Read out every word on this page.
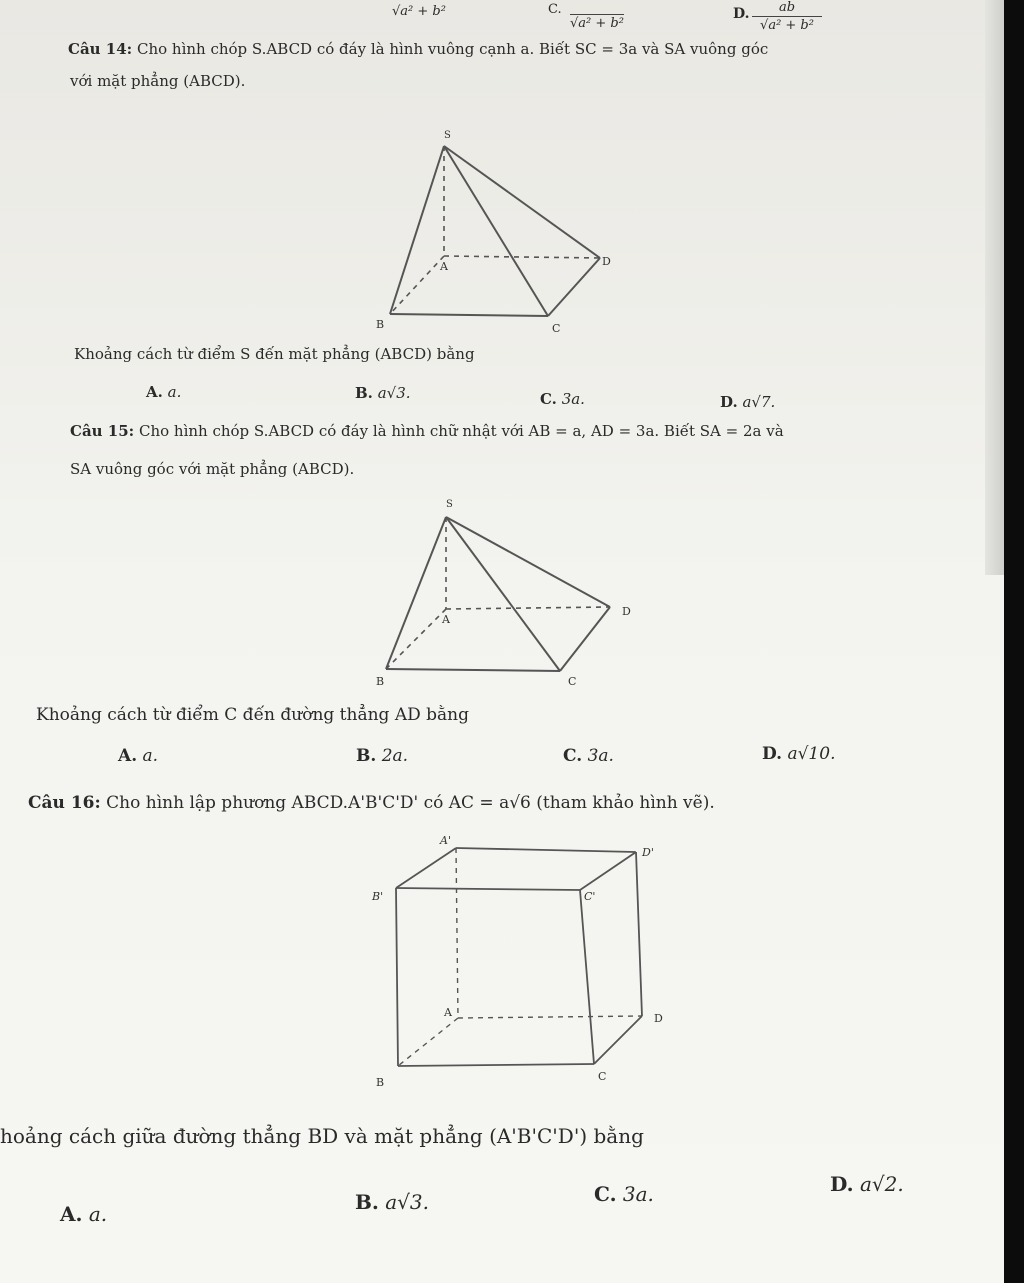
√a² + b²	C.
√a² + b²
D.	ab
√a² + b²
Câu 14: Cho hình chóp S.ABCD có đáy là hình vuông cạnh a. Biết SC = 3a và SA vuông góc
với mặt phẳng (ABCD).
S
A
B	C
D
Khoảng cách từ điểm S đến mặt phẳng (ABCD) bằng
A. a.	B. a√3.	C. 3a.	D. a√7.
Câu 15: Cho hình chóp S.ABCD có đáy là hình chữ nhật với AB = a, AD = 3a. Biết SA = 2a và
SA vuông góc với mặt phẳng (ABCD).
S
A
B	C
D
Khoảng cách từ điểm C đến đường thẳng AD bằng
A. a.	B. 2a.	C. 3a.	D. a√10.
Câu 16: Cho hình lập phương ABCD.A'B'C'D' có AC = a√6 (tham khảo hình vẽ).
A'
D'
B'	C'
A	D
B	C
hoảng cách giữa đường thẳng BD và mặt phẳng (A'B'C'D') bằng
A. a.	B. a√3.	C. 3a.	D. a√2.
